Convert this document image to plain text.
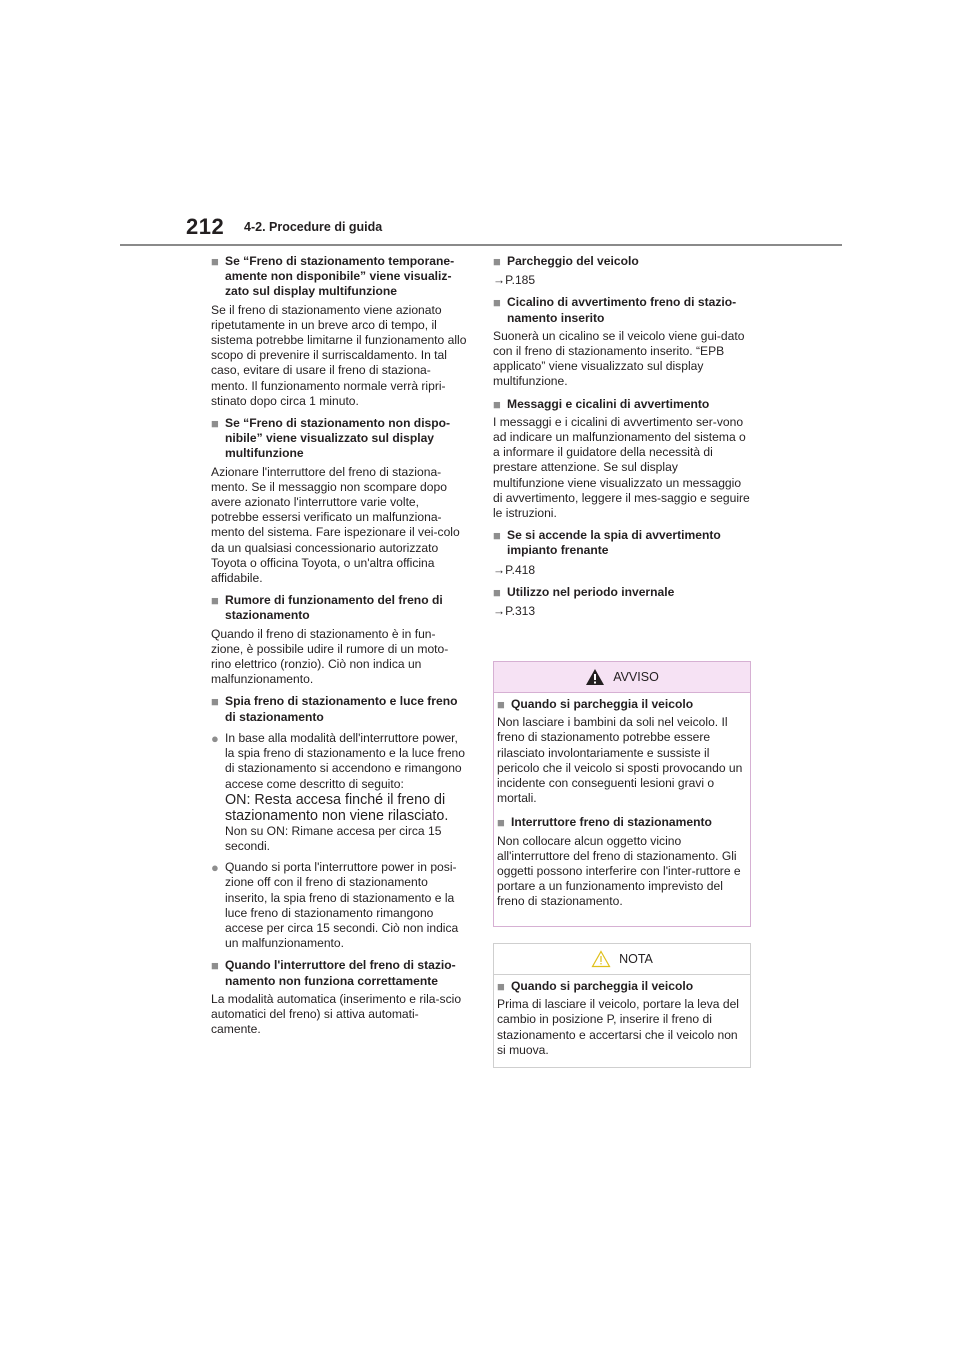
212 4-2. Procedure di guida
■ Se “Freno di stazionamento temporane-amente non disponibile” viene visualiz-zato sul display multifunzione

Se il freno di stazionamento viene azionato ripetutamente in un breve arco di tempo, il sistema potrebbe limitarne il funzionamento allo scopo di prevenire il surriscaldamento. In tal caso, evitare di usare il freno di staziona-mento. Il funzionamento normale verrà ripri-stinato dopo circa 1 minuto.

■ Se “Freno di stazionamento non dispo-nibile” viene visualizzato sul display multifunzione

Azionare l'interruttore del freno di staziona-mento. Se il messaggio non scompare dopo avere azionato l'interruttore varie volte, potrebbe essersi verificato un malfunziona-mento del sistema. Fare ispezionare il vei-colo da un qualsiasi concessionario autorizzato Toyota o officina Toyota, o un'altra officina affidabile.

■ Rumore di funzionamento del freno di stazionamento

Quando il freno di stazionamento è in fun-zione, è possibile udire il rumore di un moto-rino elettrico (ronzio). Ciò non indica un malfunzionamento.

■ Spia freno di stazionamento e luce freno di stazionamento
● In base alla modalità dell'interruttore power, la spia freno di stazionamento e la luce freno di stazionamento si accendono e rimangono accese come descritto di seguito:
ON: Resta accesa finché il freno di stazionamento non viene rilasciato.
Non su ON: Rimane accesa per circa 15 secondi.
● Quando si porta l'interruttore power in posi-zione off con il freno di stazionamento inserito, la spia freno di stazionamento e la luce freno di stazionamento rimangono accese per circa 15 secondi. Ciò non indica un malfunzionamento.
■ Quando l'interruttore del freno di stazio-namento non funziona correttamente

La modalità automatica (inserimento e rila-scio automatici del freno) si attiva automati-camente.

■ Parcheggio del veicolo

→P.185

■ Cicalino di avvertimento freno di stazio-namento inserito

Suonerà un cicalino se il veicolo viene gui-dato con il freno di stazionamento inserito. “EPB applicato” viene visualizzato sul display multifunzione.

■ Messaggi e cicalini di avvertimento

I messaggi e i cicalini di avvertimento ser-vono ad indicare un malfunzionamento del sistema o a informare il guidatore della necessità di prestare attenzione. Se sul display multifunzione viene visualizzato un messaggio di avvertimento, leggere il mes-saggio e seguire le istruzioni.

■ Se si accende la spia di avvertimento impianto frenante

→P.418

■ Utilizzo nel periodo invernale

→P.313

AVVISO
■ Quando si parcheggia il veicolo

Non lasciare i bambini da soli nel veicolo. Il freno di stazionamento potrebbe essere rilasciato involontariamente e sussiste il pericolo che il veicolo si sposti provocando un incidente con conseguenti lesioni gravi o mortali.

■ Interruttore freno di stazionamento

Non collocare alcun oggetto vicino all'interruttore del freno di stazionamento. Gli oggetti possono interferire con l'inter-ruttore e portare a un funzionamento imprevisto del freno di stazionamento.

NOTA
■ Quando si parcheggia il veicolo

Prima di lasciare il veicolo, portare la leva del cambio in posizione P, inserire il freno di stazionamento e accertarsi che il veicolo non si muova.
